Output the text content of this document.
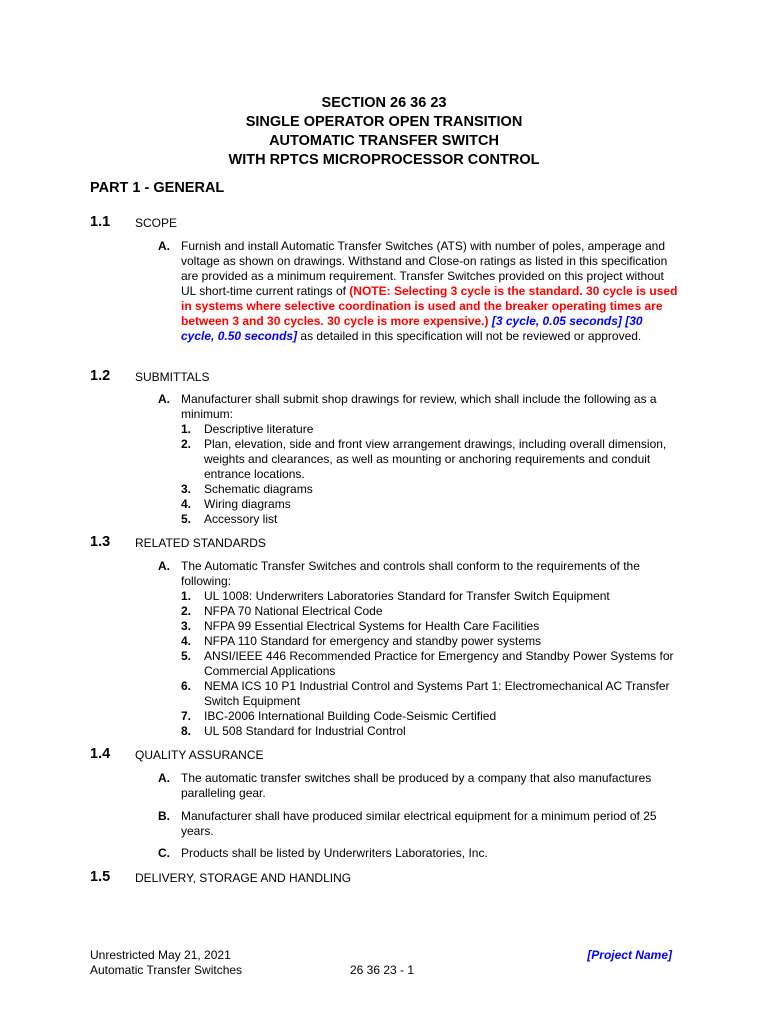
SECTION 26 36 23
SINGLE OPERATOR OPEN TRANSITION
AUTOMATIC TRANSFER SWITCH
WITH RPTCS MICROPROCESSOR CONTROL
PART 1 - GENERAL
1.1 SCOPE
A. Furnish and install Automatic Transfer Switches (ATS) with number of poles, amperage and voltage as shown on drawings. Withstand and Close-on ratings as listed in this specification are provided as a minimum requirement. Transfer Switches provided on this project without UL short-time current ratings of (NOTE: Selecting 3 cycle is the standard. 30 cycle is used in systems where selective coordination is used and the breaker operating times are between 3 and 30 cycles. 30 cycle is more expensive.) [3 cycle, 0.05 seconds] [30 cycle, 0.50 seconds] as detailed in this specification will not be reviewed or approved.
1.2 SUBMITTALS
A. Manufacturer shall submit shop drawings for review, which shall include the following as a minimum:
1. Descriptive literature
2. Plan, elevation, side and front view arrangement drawings, including overall dimension, weights and clearances, as well as mounting or anchoring requirements and conduit entrance locations.
3. Schematic diagrams
4. Wiring diagrams
5. Accessory list
1.3 RELATED STANDARDS
A. The Automatic Transfer Switches and controls shall conform to the requirements of the following:
1. UL 1008: Underwriters Laboratories Standard for Transfer Switch Equipment
2. NFPA 70 National Electrical Code
3. NFPA 99 Essential Electrical Systems for Health Care Facilities
4. NFPA 110 Standard for emergency and standby power systems
5. ANSI/IEEE 446 Recommended Practice for Emergency and Standby Power Systems for Commercial Applications
6. NEMA ICS 10 P1 Industrial Control and Systems Part 1: Electromechanical AC Transfer Switch Equipment
7. IBC-2006 International Building Code-Seismic Certified
8. UL 508 Standard for Industrial Control
1.4 QUALITY ASSURANCE
A. The automatic transfer switches shall be produced by a company that also manufactures paralleling gear.
B. Manufacturer shall have produced similar electrical equipment for a minimum period of 25 years.
C. Products shall be listed by Underwriters Laboratories, Inc.
1.5 DELIVERY, STORAGE AND HANDLING
Unrestricted May 21, 2021
Automatic Transfer Switches	26 36 23 - 1
[Project Name]
